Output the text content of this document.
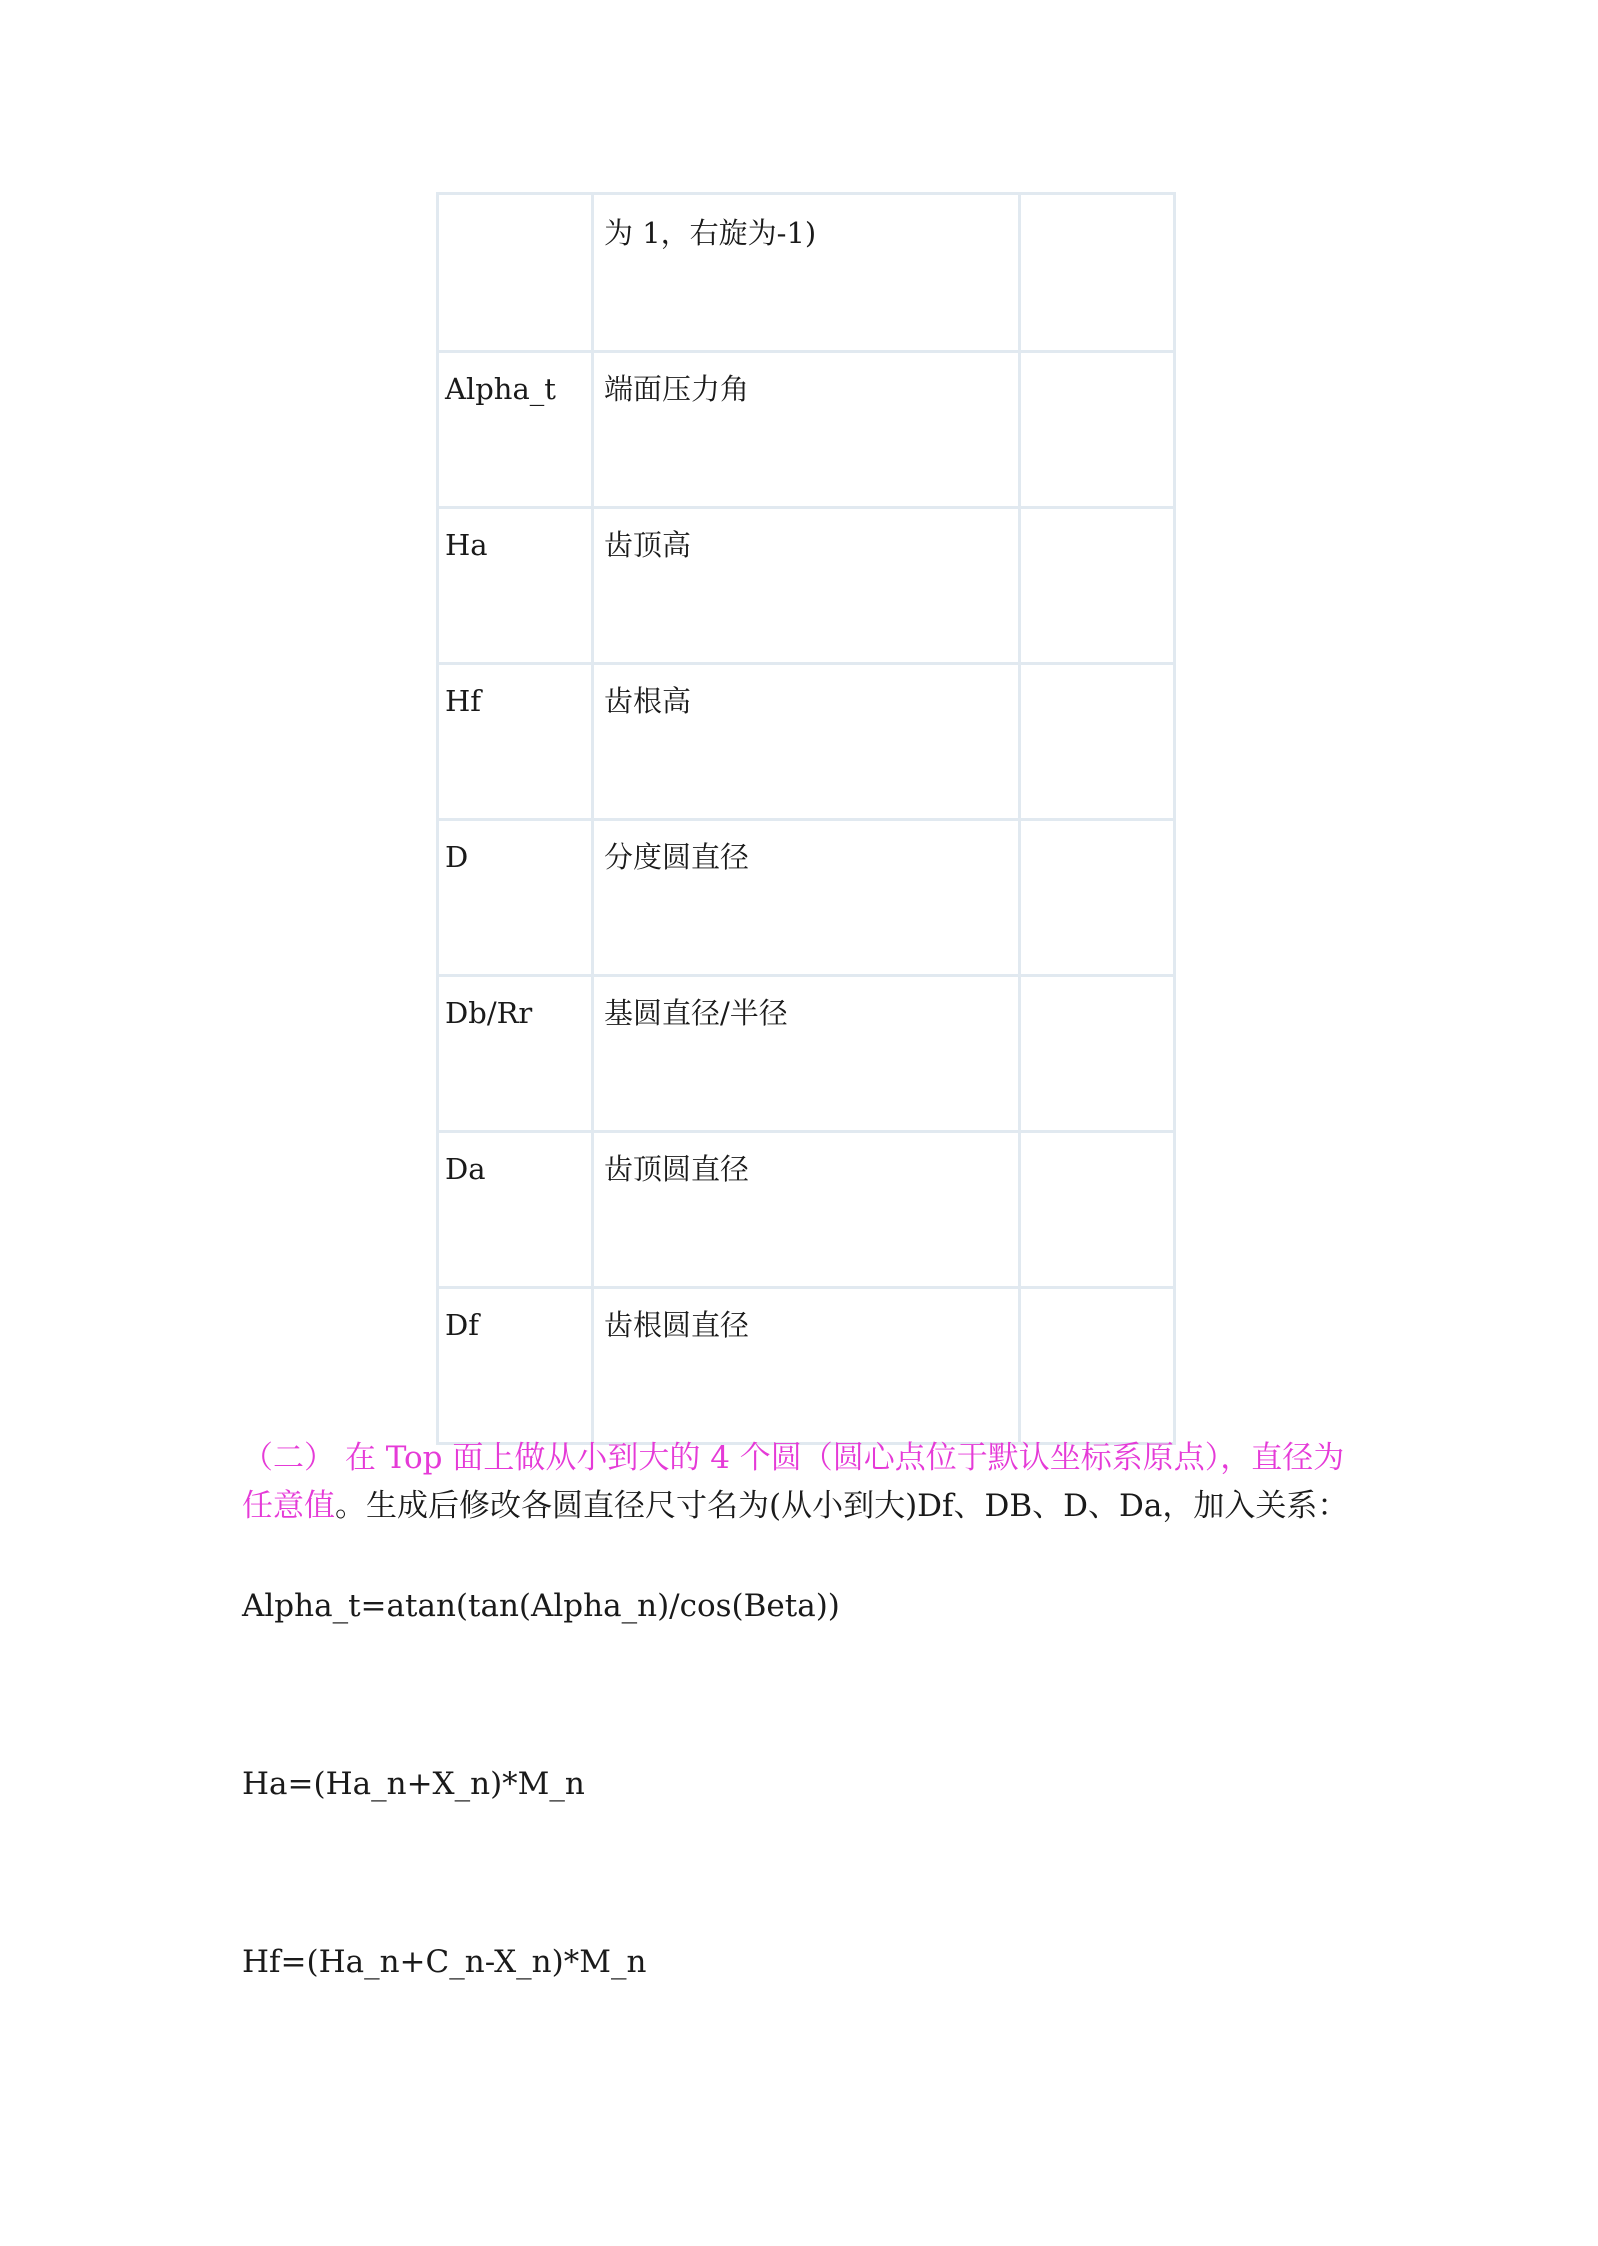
	为 1，右旋为-1)	
Alpha_t	端面压力角	
Ha	齿顶高	
Hf	齿根高	
D	分度圆直径	
Db/Rr	基圆直径/半径	
Da	齿顶圆直径	
Df	齿根圆直径	

（二） 在 Top 面上做从小到大的 4 个圆（圆心点位于默认坐标系原点），直径为任意值。生成后修改各圆直径尺寸名为(从小到大)Df、DB、D、Da，加入关系：

Alpha_t=atan(tan(Alpha_n)/cos(Beta))
Ha=(Ha_n+X_n)*M_n
Hf=(Ha_n+C_n-X_n)*M_n
